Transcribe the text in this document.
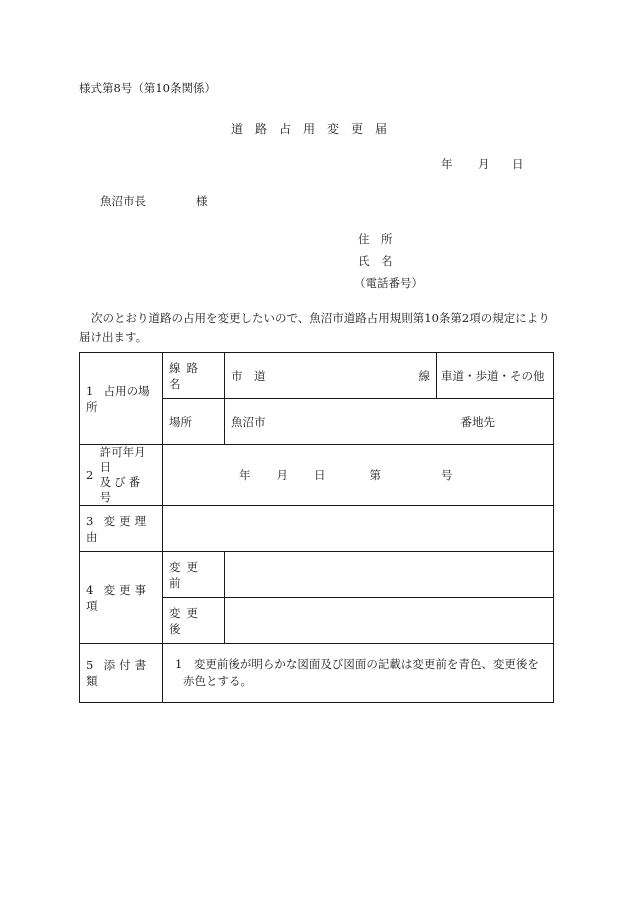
様式第8号（第10条関係）
道路占用変更届
年 月 日
魚沼市長	様
住　所
氏　名
（電話番号）
次のとおり道路の占用を変更したいので、魚沼市道路占用規則第10条第2項の規定により届け出ます。
1 占用の場所	線路名	市　道 線	車道・歩道・その他

	場所	魚沼市 番地先	

2
許可年月日
及び番号	年 月 日 第 号		

3 変更理由			
4 変更事項	変更前		
	変更後		
5 添付書類	1　変更前後が明らかな図面及び図面の記載は変更前を青色、変更後を赤色とする。		
